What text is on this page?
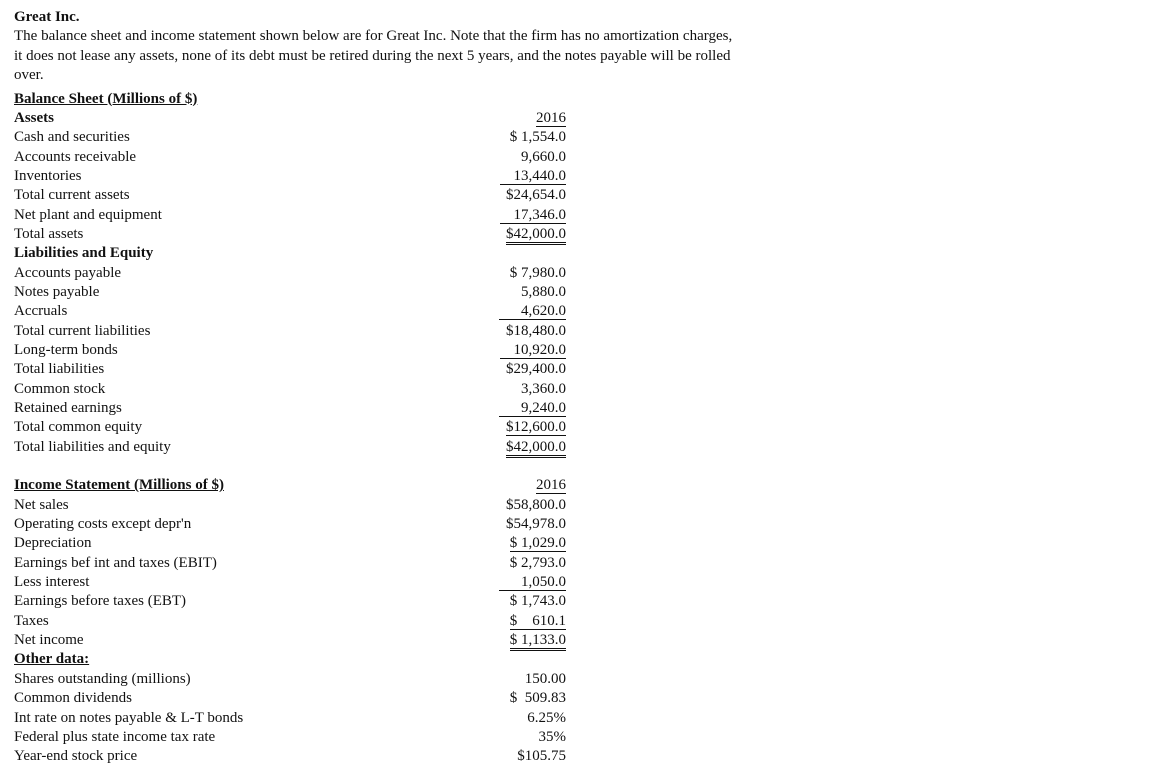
Great Inc.

The balance sheet and income statement shown below are for Great Inc. Note that the firm has no amortization charges, it does not lease any assets, none of its debt must be retired during the next 5 years, and the notes payable will be rolled over.

Balance Sheet (Millions of $)
Assets	2016
Cash and securities	$ 1,554.0
Accounts receivable	9,660.0
Inventories	13,440.0
Total current assets	$24,654.0
Net plant and equipment	17,346.0
Total assets	$42,000.0
Liabilities and Equity
Accounts payable	$ 7,980.0
Notes payable	5,880.0
Accruals	4,620.0
Total current liabilities	$18,480.0
Long-term bonds	10,920.0
Total liabilities	$29,400.0
Common stock	3,360.0
Retained earnings	9,240.0
Total common equity	$12,600.0
Total liabilities and equity	$42,000.0
Income Statement (Millions of $)	2016
Net sales	$58,800.0
Operating costs except depr'n	$54,978.0
Depreciation	$ 1,029.0
Earnings bef int and taxes (EBIT)	$ 2,793.0
Less interest	1,050.0
Earnings before taxes (EBT)	$ 1,743.0
Taxes	$    610.1
Net income	$ 1,133.0
Other data:
Shares outstanding (millions)	150.00
Common dividends	$  509.83
Int rate on notes payable & L-T bonds	6.25%
Federal plus state income tax rate	35%
Year-end stock price	$105.75
